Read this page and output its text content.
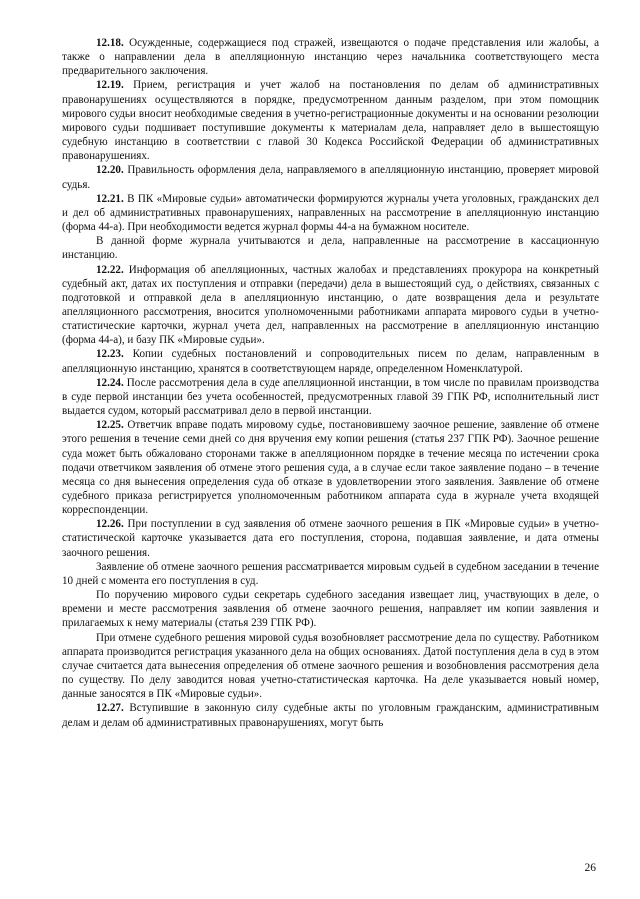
12.18. Осужденные, содержащиеся под стражей, извещаются о подаче представления или жалобы, а также о направлении дела в апелляционную инстанцию через начальника соответствующего места предварительного заключения.

12.19. Прием, регистрация и учет жалоб на постановления по делам об административных правонарушениях осуществляются в порядке, предусмотренном данным разделом, при этом помощник мирового судьи вносит необходимые сведения в учетно-регистрационные документы и на основании резолюции мирового судьи подшивает поступившие документы к материалам дела, направляет дело в вышестоящую судебную инстанцию в соответствии с главой 30 Кодекса Российской Федерации об административных правонарушениях.

12.20. Правильность оформления дела, направляемого в апелляционную инстанцию, проверяет мировой судья.

12.21. В ПК «Мировые судьи» автоматически формируются журналы учета уголовных, гражданских дел и дел об административных правонарушениях, направленных на рассмотрение в апелляционную инстанцию (форма 44-а). При необходимости ведется журнал формы 44-а на бумажном носителе.

В данной форме журнала учитываются и дела, направленные на рассмотрение в кассационную инстанцию.

12.22. Информация об апелляционных, частных жалобах и представлениях прокурора на конкретный судебный акт, датах их поступления и отправки (передачи) дела в вышестоящий суд, о действиях, связанных с подготовкой и отправкой дела в апелляционную инстанцию, о дате возвращения дела и результате апелляционного рассмотрения, вносится уполномоченными работниками аппарата мирового судьи в учетно-статистические карточки, журнал учета дел, направленных на рассмотрение в апелляционную инстанцию (форма 44-а), и базу ПК «Мировые судьи».

12.23. Копии судебных постановлений и сопроводительных писем по делам, направленным в апелляционную инстанцию, хранятся в соответствующем наряде, определенном Номенклатурой.

12.24. После рассмотрения дела в суде апелляционной инстанции, в том числе по правилам производства в суде первой инстанции без учета особенностей, предусмотренных главой 39 ГПК РФ, исполнительный лист выдается судом, который рассматривал дело в первой инстанции.

12.25. Ответчик вправе подать мировому судье, постановившему заочное решение, заявление об отмене этого решения в течение семи дней со дня вручения ему копии решения (статья 237 ГПК РФ). Заочное решение суда может быть обжаловано сторонами также в апелляционном порядке в течение месяца по истечении срока подачи ответчиком заявления об отмене этого решения суда, а в случае если такое заявление подано – в течение месяца со дня вынесения определения суда об отказе в удовлетворении этого заявления. Заявление об отмене судебного приказа регистрируется уполномоченным работником аппарата суда в журнале учета входящей корреспонденции.

12.26. При поступлении в суд заявления об отмене заочного решения в ПК «Мировые судьи» в учетно-статистической карточке указывается дата его поступления, сторона, подавшая заявление, и дата отмены заочного решения.

Заявление об отмене заочного решения рассматривается мировым судьей в судебном заседании в течение 10 дней с момента его поступления в суд.

По поручению мирового судьи секретарь судебного заседания извещает лиц, участвующих в деле, о времени и месте рассмотрения заявления об отмене заочного решения, направляет им копии заявления и прилагаемых к нему материалы (статья 239 ГПК РФ).

При отмене судебного решения мировой судья возобновляет рассмотрение дела по существу. Работником аппарата производится регистрация указанного дела на общих основаниях. Датой поступления дела в суд в этом случае считается дата вынесения определения об отмене заочного решения и возобновления рассмотрения дела по существу. По делу заводится новая учетно-статистическая карточка. На деле указывается новый номер, данные заносятся в ПК «Мировые судьи».

12.27. Вступившие в законную силу судебные акты по уголовным гражданским, административным делам и делам об административных правонарушениях, могут быть

26
